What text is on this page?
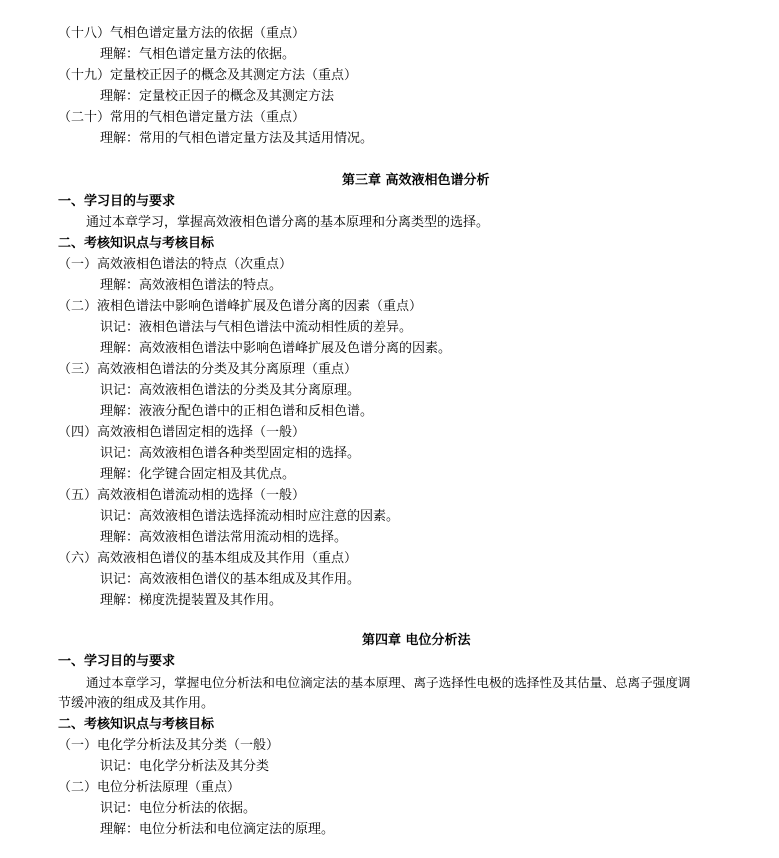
（十八）气相色谱定量方法的依据（重点）
理解：气相色谱定量方法的依据。
（十九）定量校正因子的概念及其测定方法（重点）
理解：定量校正因子的概念及其测定方法
（二十）常用的气相色谱定量方法（重点）
理解：常用的气相色谱定量方法及其适用情况。
第三章 高效液相色谱分析
一、学习目的与要求
通过本章学习，掌握高效液相色谱分离的基本原理和分离类型的选择。
二、考核知识点与考核目标
（一）高效液相色谱法的特点（次重点）
理解：高效液相色谱法的特点。
（二）液相色谱法中影响色谱峰扩展及色谱分离的因素（重点）
识记：液相色谱法与气相色谱法中流动相性质的差异。
理解：高效液相色谱法中影响色谱峰扩展及色谱分离的因素。
（三）高效液相色谱法的分类及其分离原理（重点）
识记：高效液相色谱法的分类及其分离原理。
理解：液液分配色谱中的正相色谱和反相色谱。
（四）高效液相色谱固定相的选择（一般）
识记：高效液相色谱各种类型固定相的选择。
理解：化学键合固定相及其优点。
（五）高效液相色谱流动相的选择（一般）
识记：高效液相色谱法选择流动相时应注意的因素。
理解：高效液相色谱法常用流动相的选择。
（六）高效液相色谱仪的基本组成及其作用（重点）
识记：高效液相色谱仪的基本组成及其作用。
理解：梯度洗提装置及其作用。
第四章 电位分析法
一、学习目的与要求
通过本章学习，掌握电位分析法和电位滴定法的基本原理、离子选择性电极的选择性及其估量、总离子强度调
节缓冲液的组成及其作用。
二、考核知识点与考核目标
（一）电化学分析法及其分类（一般）
识记：电化学分析法及其分类
（二）电位分析法原理（重点）
识记：电位分析法的依据。
理解：电位分析法和电位滴定法的原理。
